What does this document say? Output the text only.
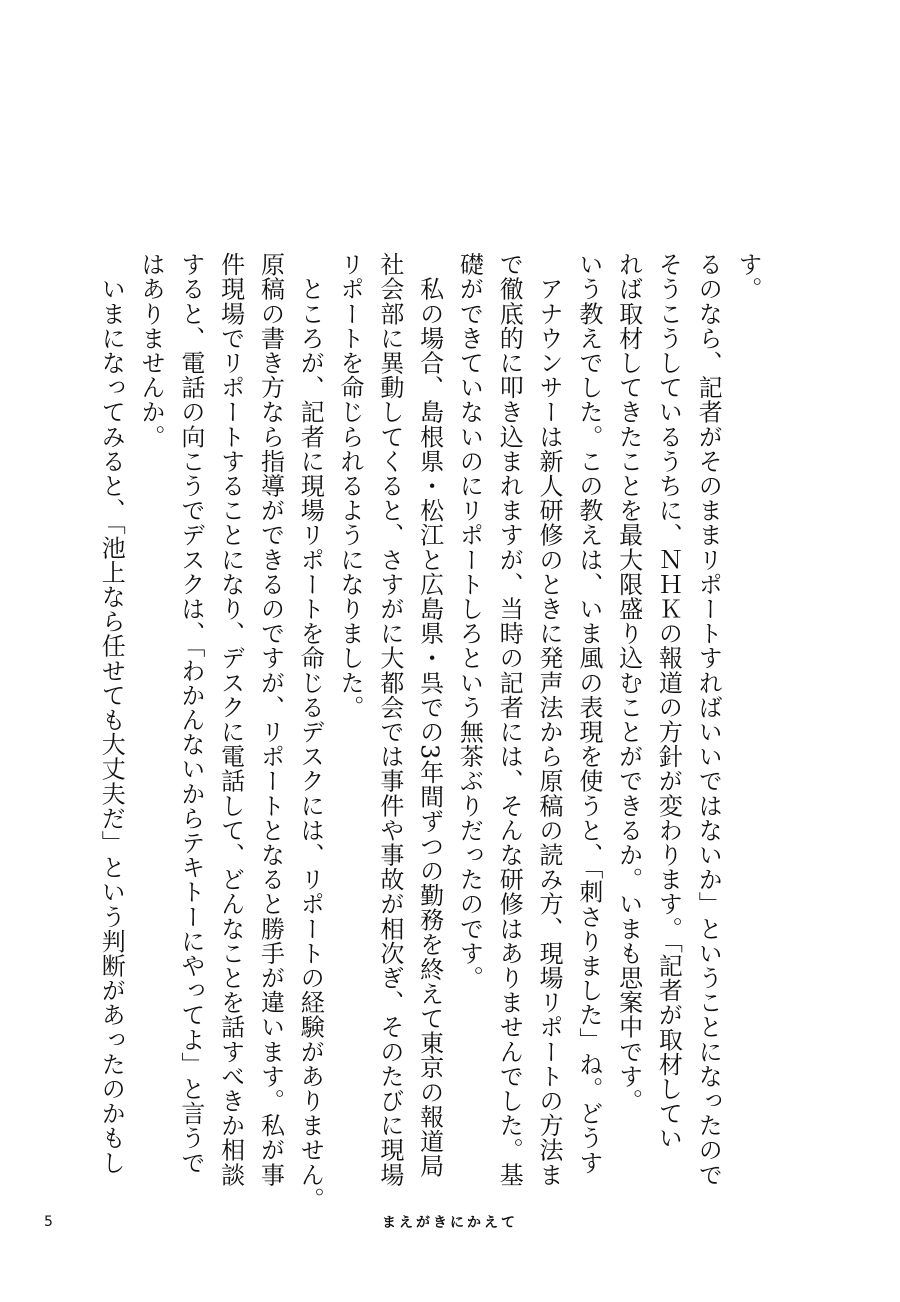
す。
るのなら、記者がそのままリポートすればいいではないか」ということになったので
そうこうしているうちに、ＮＨＫの報道の方針が変わります。「記者が取材してい
れば取材してきたことを最大限盛り込むことができるか。いまも思案中です。
いう教えでした。この教えは、いま風の表現を使うと、「刺さりました」ね。どうす
　アナウンサーは新人研修のときに発声法から原稿の読み方、現場リポートの方法ま
で徹底的に叩き込まれますが、当時の記者には、そんな研修はありませんでした。基
礎ができていないのにリポートしろという無茶ぶりだったのです。
　私の場合、島根県・松江と広島県・呉での3年間ずつの勤務を終えて東京の報道局
社会部に異動してくると、さすがに大都会では事件や事故が相次ぎ、そのたびに現場
リポートを命じられるようになりました。
　ところが、記者に現場リポートを命じるデスクには、リポートの経験がありません。
原稿の書き方なら指導ができるのですが、リポートとなると勝手が違います。私が事
件現場でリポートすることになり、デスクに電話して、どんなことを話すべきか相談
すると、電話の向こうでデスクは、「わかんないからテキトーにやってよ」と言うで
はありませんか。
　いまになってみると、「池上なら任せても大丈夫だ」という判断があったのかもし
5	まえがきにかえて
